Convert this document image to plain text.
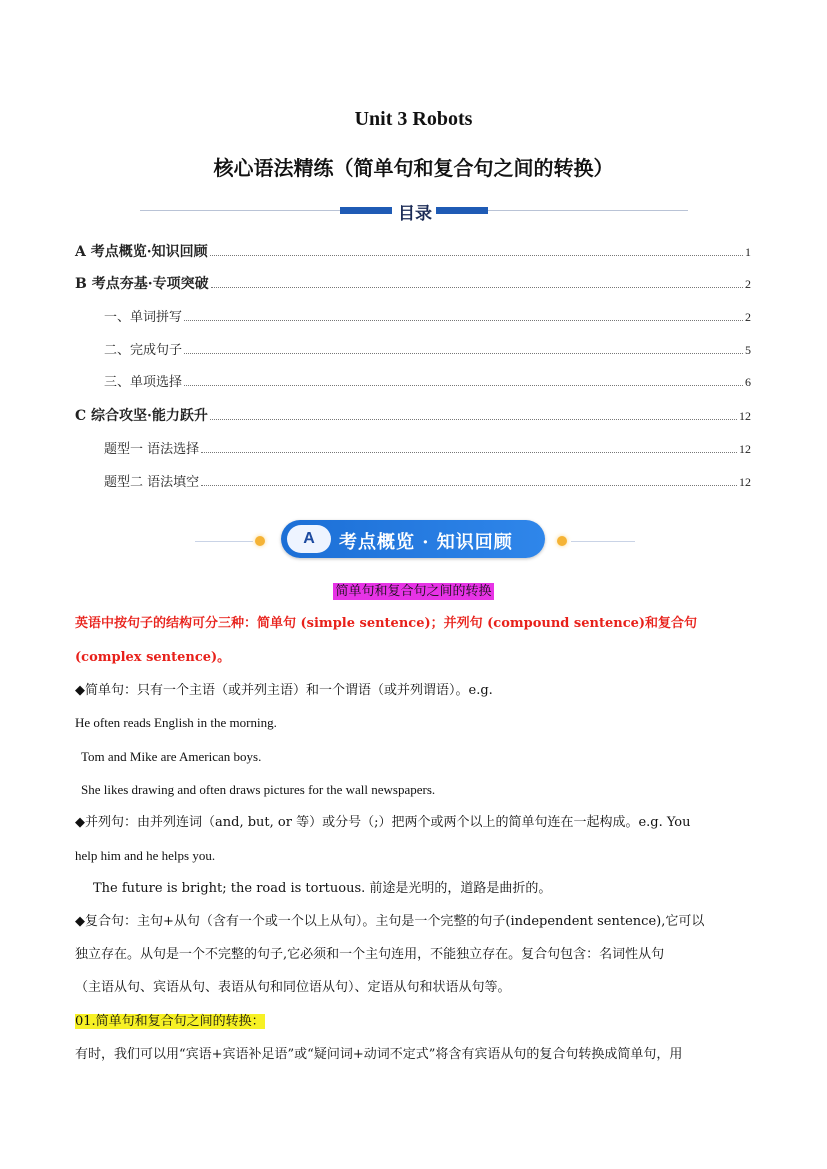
Unit 3 Robots
核心语法精练（简单句和复合句之间的转换）
目录
A 考点概览·知识回顾	1
B 考点夯基·专项突破	2
一、单词拼写	2
二、完成句子	5
三、单项选择	6
C 综合攻坚·能力跃升	12
题型一 语法选择	12
题型二 语法填空	12
A	考点概览 · 知识回顾
简单句和复合句之间的转换
英语中按句子的结构可分三种：简单句 (simple sentence)；并列句 (compound sentence)和复合句
(complex sentence)。
◆简单句：只有一个主语（或并列主语）和一个谓语（或并列谓语）。e.g.
He often reads English in the morning.
Tom and Mike are American boys.
She likes drawing and often draws pictures for the wall newspapers.
◆并列句：由并列连词（and, but, or 等）或分号（;）把两个或两个以上的简单句连在一起构成。e.g. You
help him and he helps you.
The future is bright; the road is tortuous. 前途是光明的，道路是曲折的。
◆复合句：主句+从句（含有一个或一个以上从句）。主句是一个完整的句子(independent sentence),它可以
独立存在。从句是一个不完整的句子,它必须和一个主句连用，不能独立存在。复合句包含：名词性从句
（主语从句、宾语从句、表语从句和同位语从句）、定语从句和状语从句等。
01.简单句和复合句之间的转换：
有时，我们可以用“宾语+宾语补足语”或“疑问词+动词不定式”将含有宾语从句的复合句转换成简单句，用
